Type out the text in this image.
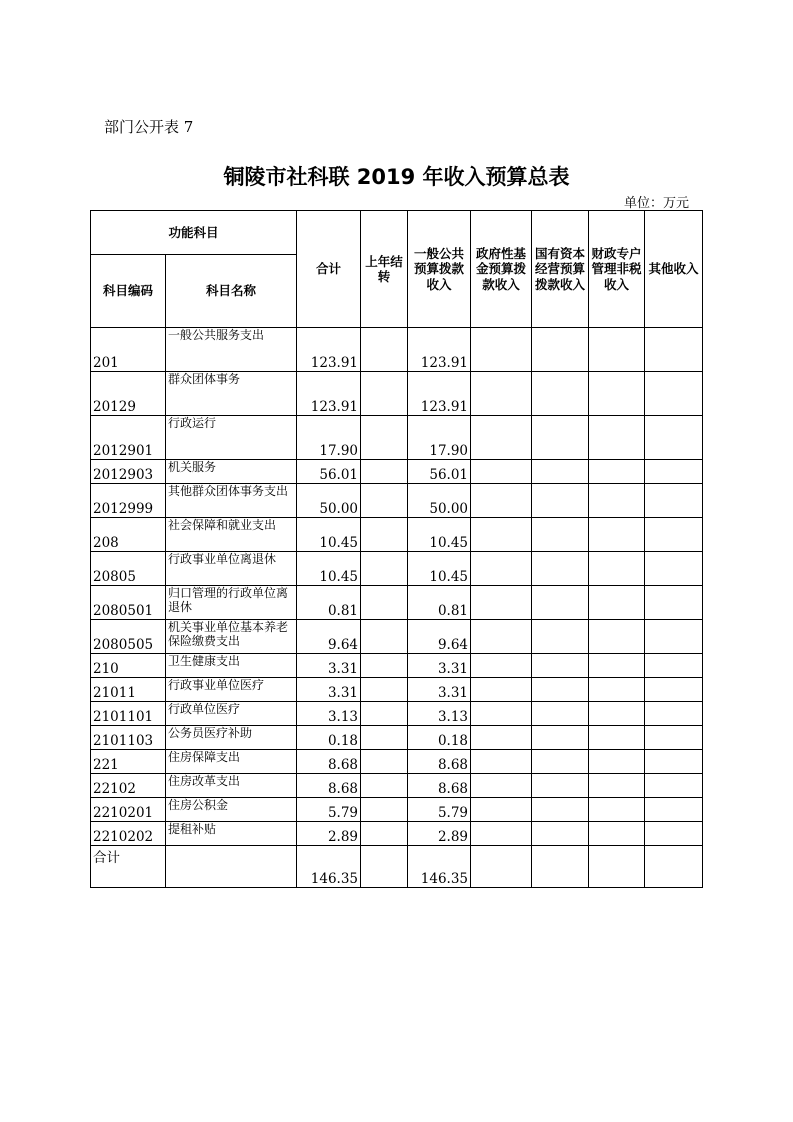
部门公开表 7
铜陵市社科联 2019 年收入预算总表
单位：万元
功能科目		合计	上年结转	一般公共预算拨款收入	政府性基金预算拨款收入	国有资本经营预算拨款收入	财政专户管理非税收入	其他收入
科目编码	科目名称							
201	一般公共服务支出	123.91		123.91				
20129	群众团体事务	123.91		123.91				
2012901	行政运行	17.90		17.90				
2012903	机关服务	56.01		56.01				
2012999	其他群众团体事务支出	50.00		50.00				
208	社会保障和就业支出	10.45		10.45				
20805	行政事业单位离退休	10.45		10.45				
2080501	归口管理的行政单位离退休	0.81		0.81				
2080505	机关事业单位基本养老保险缴费支出	9.64		9.64				
210	卫生健康支出	3.31		3.31				
21011	行政事业单位医疗	3.31		3.31				
2101101	行政单位医疗	3.13		3.13				
2101103	公务员医疗补助	0.18		0.18				
221	住房保障支出	8.68		8.68				
22102	住房改革支出	8.68		8.68				
2210201	住房公积金	5.79		5.79				
2210202	提租补贴	2.89		2.89				
合计		146.35		146.35				
